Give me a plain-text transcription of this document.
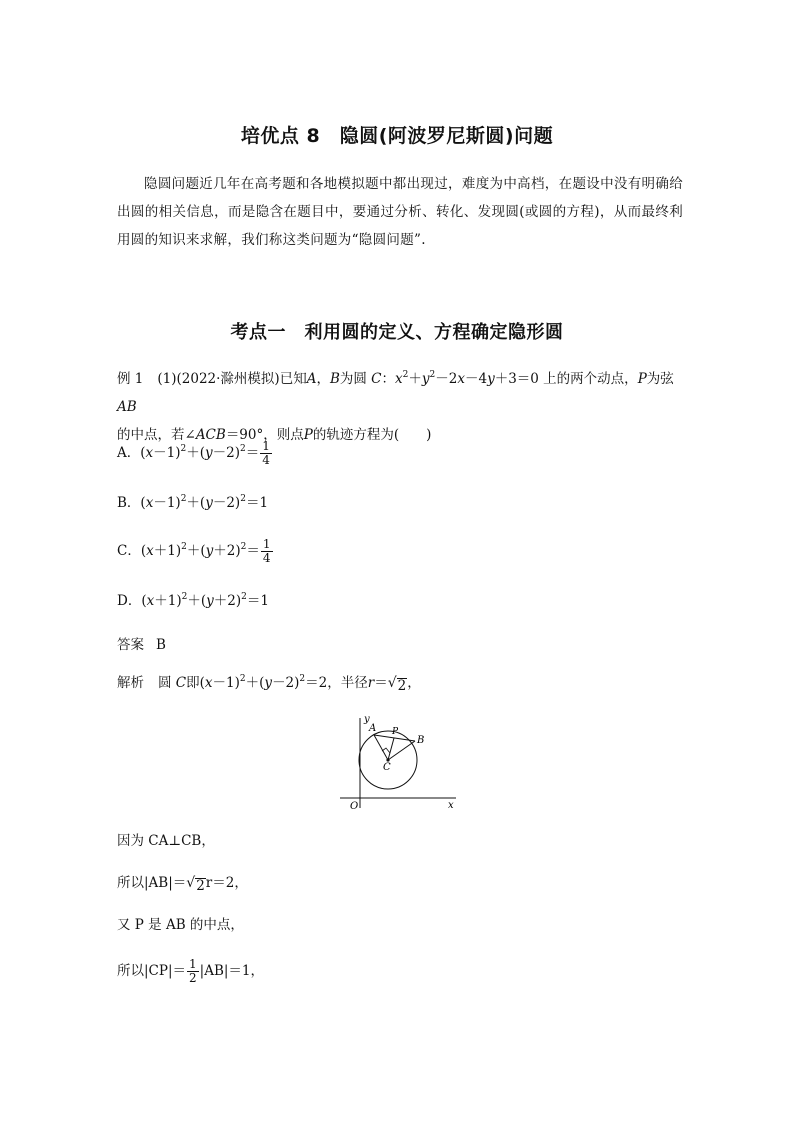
培优点 8　隐圆(阿波罗尼斯圆)问题
隐圆问题近几年在高考题和各地模拟题中都出现过，难度为中高档，在题设中没有明确给出圆的相关信息，而是隐含在题目中，要通过分析、转化、发现圆(或圆的方程)，从而最终利用圆的知识来求解，我们称这类问题为“隐圆问题”.
考点一　利用圆的定义、方程确定隐形圆
例 1 (1)(2022·滁州模拟)已知A，B为圆 C：$x^2+y^2-2x-4y+3=0$ 上的两个动点，P为弦AB
的中点，若∠ACB＝90°，则点P的轨迹方程为(　　)
A．$(x-1)^2+(y-2)^2= \frac{1}{4}$
B．$(x-1)^2+(y-2)^2=1$
C．$(x+1)^2+(y+2)^2= \frac{1}{4}$
D．$(x+1)^2+(y+2)^2=1$
答案 B
解析 圆 C即$(x-1)^2+(y-2)^2=2$，半径r＝ √ 2 ，
y
x
O
A P
B
C
因为 CA⊥CB，
所以|AB|＝ √ 2 r＝2，
又 P 是 AB 的中点，
所以$|CP|= \frac{1}{2} |AB|=1$，
